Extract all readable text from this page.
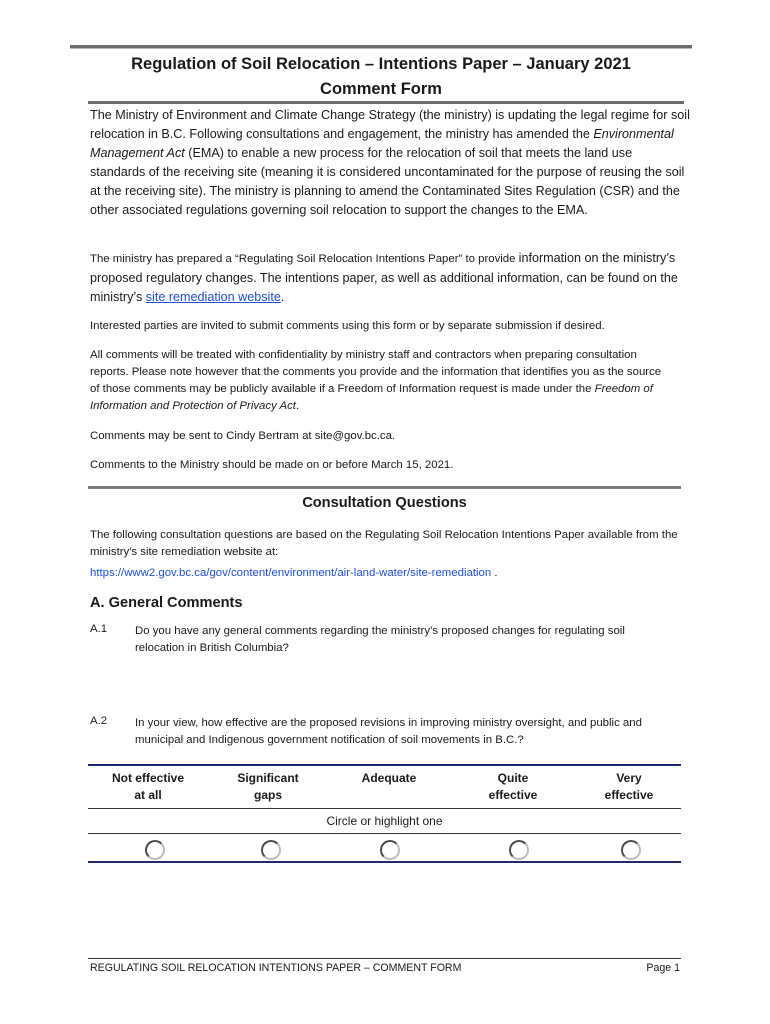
Regulation of Soil Relocation – Intentions Paper – January 2021
Comment Form
The Ministry of Environment and Climate Change Strategy (the ministry) is updating the legal regime for soil relocation in B.C. Following consultations and engagement, the ministry has amended the Environmental Management Act (EMA) to enable a new process for the relocation of soil that meets the land use standards of the receiving site (meaning it is considered uncontaminated for the purpose of reusing the soil at the receiving site). The ministry is planning to amend the Contaminated Sites Regulation (CSR) and the other associated regulations governing soil relocation to support the changes to the EMA.
The ministry has prepared a “Regulating Soil Relocation Intentions Paper” to provide information on the ministry’s proposed regulatory changes. The intentions paper, as well as additional information, can be found on the ministry’s site remediation website.
Interested parties are invited to submit comments using this form or by separate submission if desired.
All comments will be treated with confidentiality by ministry staff and contractors when preparing consultation reports. Please note however that the comments you provide and the information that identifies you as the source of those comments may be publicly available if a Freedom of Information request is made under the Freedom of Information and Protection of Privacy Act.
Comments may be sent to Cindy Bertram at site@gov.bc.ca.
Comments to the Ministry should be made on or before March 15, 2021.
Consultation Questions
The following consultation questions are based on the Regulating Soil Relocation Intentions Paper available from the ministry's site remediation website at:
https://www2.gov.bc.ca/gov/content/environment/air-land-water/site-remediation .
A. General Comments
A.1 Do you have any general comments regarding the ministry’s proposed changes for regulating soil relocation in British Columbia?
A.2 In your view, how effective are the proposed revisions in improving ministry oversight, and public and municipal and Indigenous government notification of soil movements in B.C.?
Not effective
at all
Significant
gaps
Adequate	Quite
effective
Very
effective
Circle or highlight one
REGULATING SOIL RELOCATION INTENTIONS PAPER – COMMENT FORM	Page 1
